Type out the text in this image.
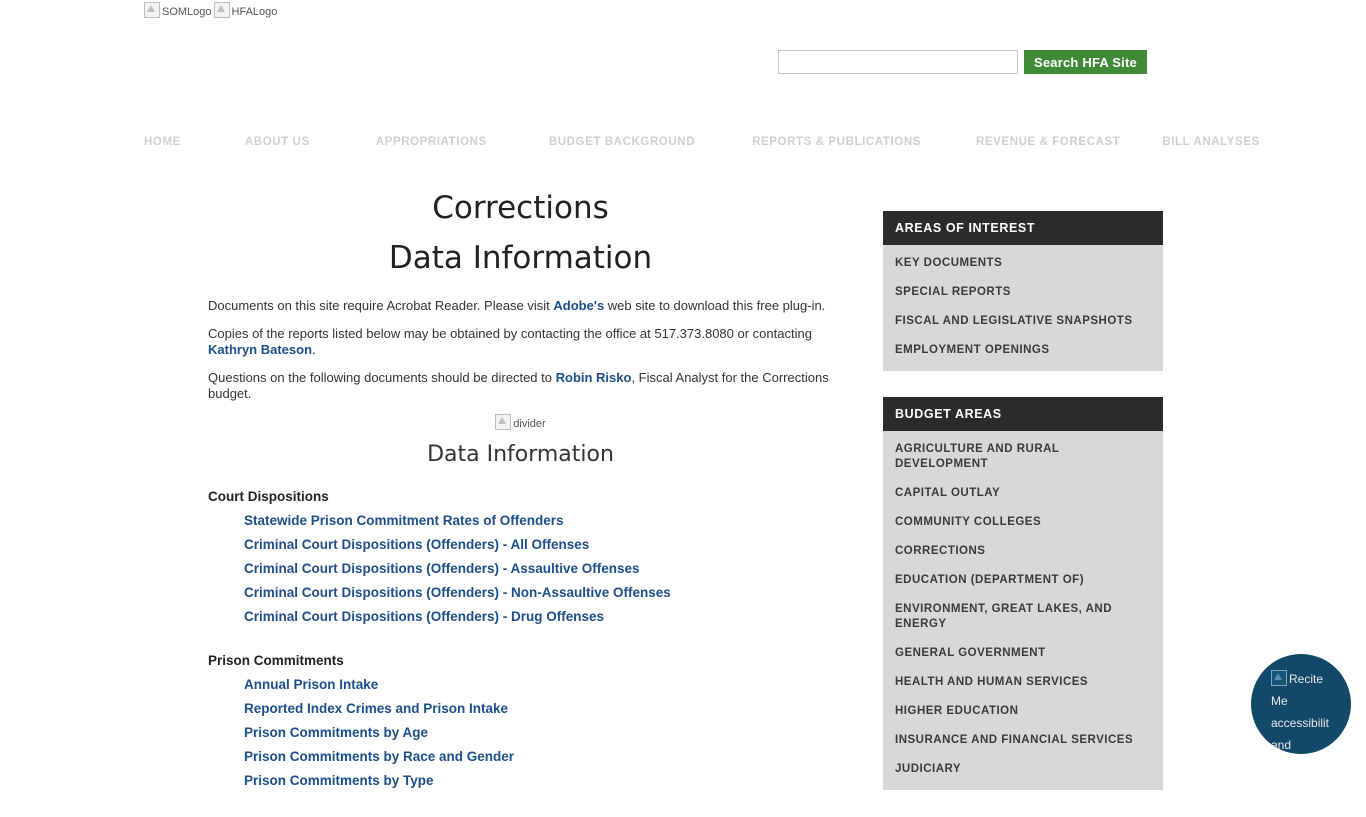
SOMLogo HFALogo
Search HFA Site
HOME	ABOUT US	APPROPRIATIONS	BUDGET BACKGROUND	REPORTS & PUBLICATIONS	REVENUE & FORECAST	BILL ANALYSES
Corrections
Data Information

Documents on this site require Acrobat Reader. Please visit Adobe's web site to download this free plug-in.

Copies of the reports listed below may be obtained by contacting the office at 517.373.8080 or contacting Kathryn Bateson.

Questions on the following documents should be directed to Robin Risko, Fiscal Analyst for the Corrections budget.

divider
Data Information
Court Dispositions
Statewide Prison Commitment Rates of Offenders
Criminal Court Dispositions (Offenders) - All Offenses
Criminal Court Dispositions (Offenders) - Assaultive Offenses
Criminal Court Dispositions (Offenders) - Non-Assaultive Offenses
Criminal Court Dispositions (Offenders) - Drug Offenses
Prison Commitments
Annual Prison Intake
Reported Index Crimes and Prison Intake
Prison Commitments by Age
Prison Commitments by Race and Gender
Prison Commitments by Type
AREAS OF INTEREST
KEY DOCUMENTS
SPECIAL REPORTS
FISCAL AND LEGISLATIVE SNAPSHOTS
EMPLOYMENT OPENINGS
BUDGET AREAS
AGRICULTURE AND RURAL DEVELOPMENT
CAPITAL OUTLAY
COMMUNITY COLLEGES
CORRECTIONS
EDUCATION (DEPARTMENT OF)
ENVIRONMENT, GREAT LAKES, AND ENERGY
GENERAL GOVERNMENT
HEALTH AND HUMAN SERVICES
HIGHER EDUCATION
INSURANCE AND FINANCIAL SERVICES
JUDICIARY
Recite Me accessibilit and
